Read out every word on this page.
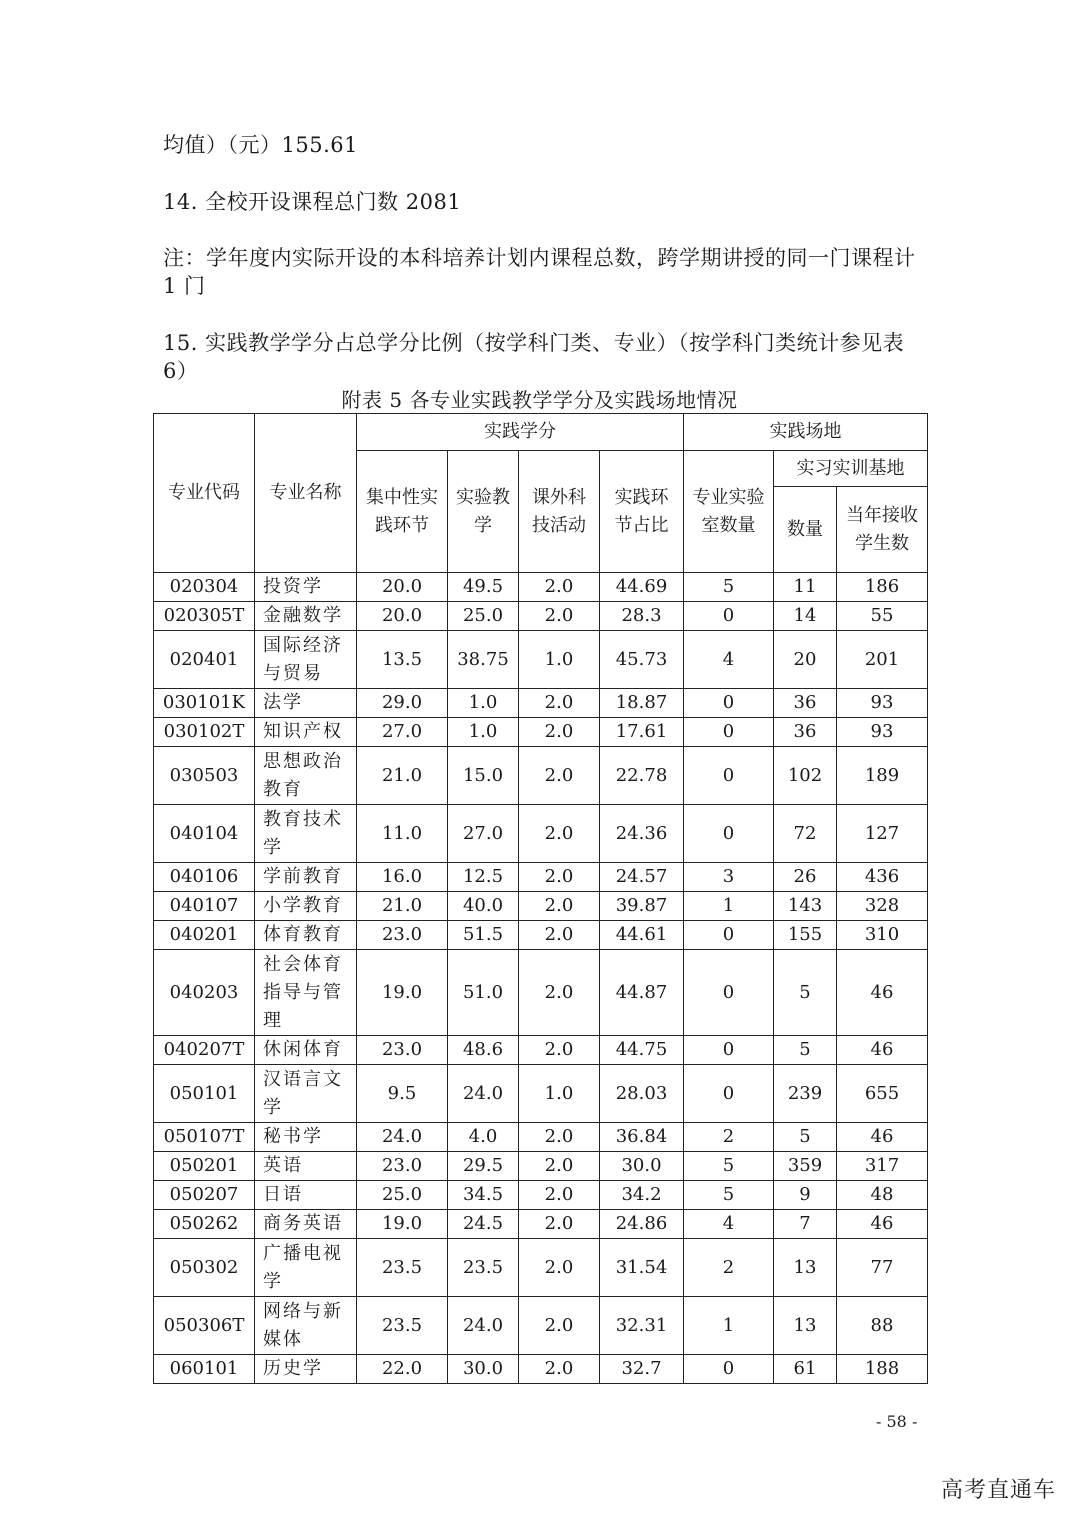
均值）（元）155.61
14. 全校开设课程总门数 2081
注：学年度内实际开设的本科培养计划内课程总数，跨学期讲授的同一门课程计1 门
15. 实践教学学分占总学分比例（按学科门类、专业）（按学科门类统计参见表6）
附表 5 各专业实践教学学分及实践场地情况
专业代码	专业名称	实践学分				实践场地		
		集中性实践环节	实验教学	课外科技活动	实践环节占比	专业实验室数量	实习实训基地	
							数量	当年接收学生数
020304	投资学	20.0	49.5	2.0	44.69	5	11	186
020305T	金融数学	20.0	25.0	2.0	28.3	0	14	55
020401	国际经济与贸易	13.5	38.75	1.0	45.73	4	20	201
030101K	法学	29.0	1.0	2.0	18.87	0	36	93
030102T	知识产权	27.0	1.0	2.0	17.61	0	36	93
030503	思想政治教育	21.0	15.0	2.0	22.78	0	102	189
040104	教育技术学	11.0	27.0	2.0	24.36	0	72	127
040106	学前教育	16.0	12.5	2.0	24.57	3	26	436
040107	小学教育	21.0	40.0	2.0	39.87	1	143	328
040201	体育教育	23.0	51.5	2.0	44.61	0	155	310
040203	社会体育指导与管理	19.0	51.0	2.0	44.87	0	5	46
040207T	休闲体育	23.0	48.6	2.0	44.75	0	5	46
050101	汉语言文学	9.5	24.0	1.0	28.03	0	239	655
050107T	秘书学	24.0	4.0	2.0	36.84	2	5	46
050201	英语	23.0	29.5	2.0	30.0	5	359	317
050207	日语	25.0	34.5	2.0	34.2	5	9	48
050262	商务英语	19.0	24.5	2.0	24.86	4	7	46
050302	广播电视学	23.5	23.5	2.0	31.54	2	13	77
050306T	网络与新媒体	23.5	24.0	2.0	32.31	1	13	88
060101	历史学	22.0	30.0	2.0	32.7	0	61	188
- 58 -
高考直通车
